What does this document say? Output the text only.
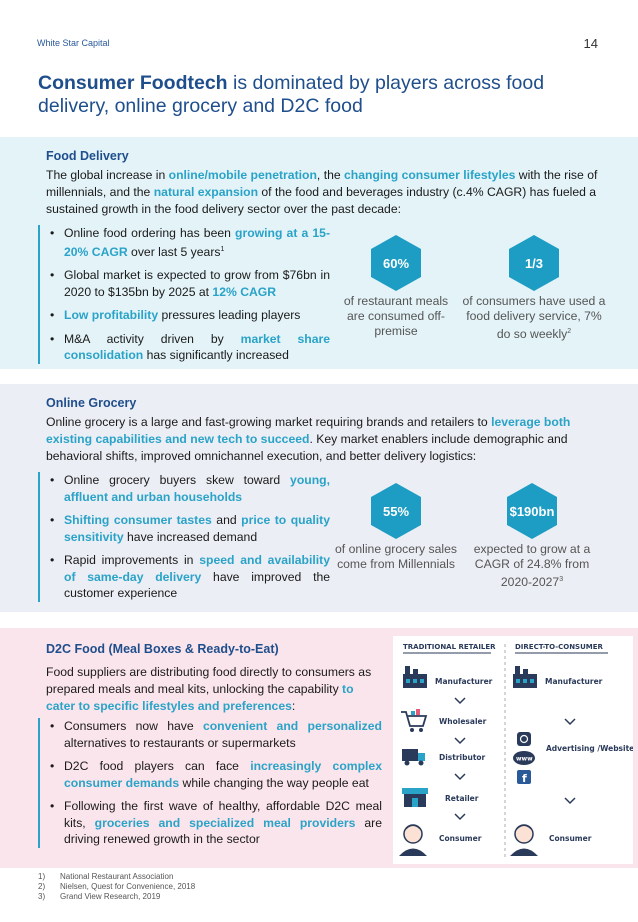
White Star Capital	14
Consumer Foodtech is dominated by players across food delivery, online grocery and D2C food
Food Delivery
The global increase in online/mobile penetration, the changing consumer lifestyles with the rise of millennials, and the natural expansion of the food and beverages industry (c.4% CAGR) has fueled a sustained growth in the food delivery sector over the past decade:
• Online food ordering has been growing at a 15-20% CAGR over last 5 years$^1$
• Global market is expected to grow from $76bn in 2020 to $135bn by 2025 at 12% CAGR
• Low profitability pressures leading players
• M&A activity driven by market share consolidation has significantly increased
60%
of restaurant meals are consumed off-premise
1/3
of consumers have used a food delivery service, 7% do so weekly$^2$
Online Grocery
Online grocery is a large and fast-growing market requiring brands and retailers to leverage both existing capabilities and new tech to succeed. Key market enablers include demographic and behavioral shifts, improved omnichannel execution, and better delivery logistics:
• Online grocery buyers skew toward young, affluent and urban households
• Shifting consumer tastes and price to quality sensitivity have increased demand
• Rapid improvements in speed and availability of same-day delivery have improved the customer experience
55%
of online grocery sales come from Millennials
$190bn
expected to grow at a CAGR of 24.8% from 2020-2027$^3$
D2C Food (Meal Boxes & Ready-to-Eat)
Food suppliers are distributing food directly to consumers as prepared meals and meal kits, unlocking the capability to cater to specific lifestyles and preferences:
• Consumers now have convenient and personalized alternatives to restaurants or supermarkets
• D2C food players can face increasingly complex consumer demands while changing the way people eat
• Following the first wave of healthy, affordable D2C meal kits, groceries and specialized meal providers are driving renewed growth in the sector
TRADITIONAL RETAILER	DIRECT-TO-CONSUMER
Manufacturer
Wholesaler
Distributor
Retailer
Consumer
Manufacturer
www
f
Advertising /Website
Consumer
1) National Restaurant Association
2) Nielsen, Quest for Convenience, 2018
3) Grand View Research, 2019
